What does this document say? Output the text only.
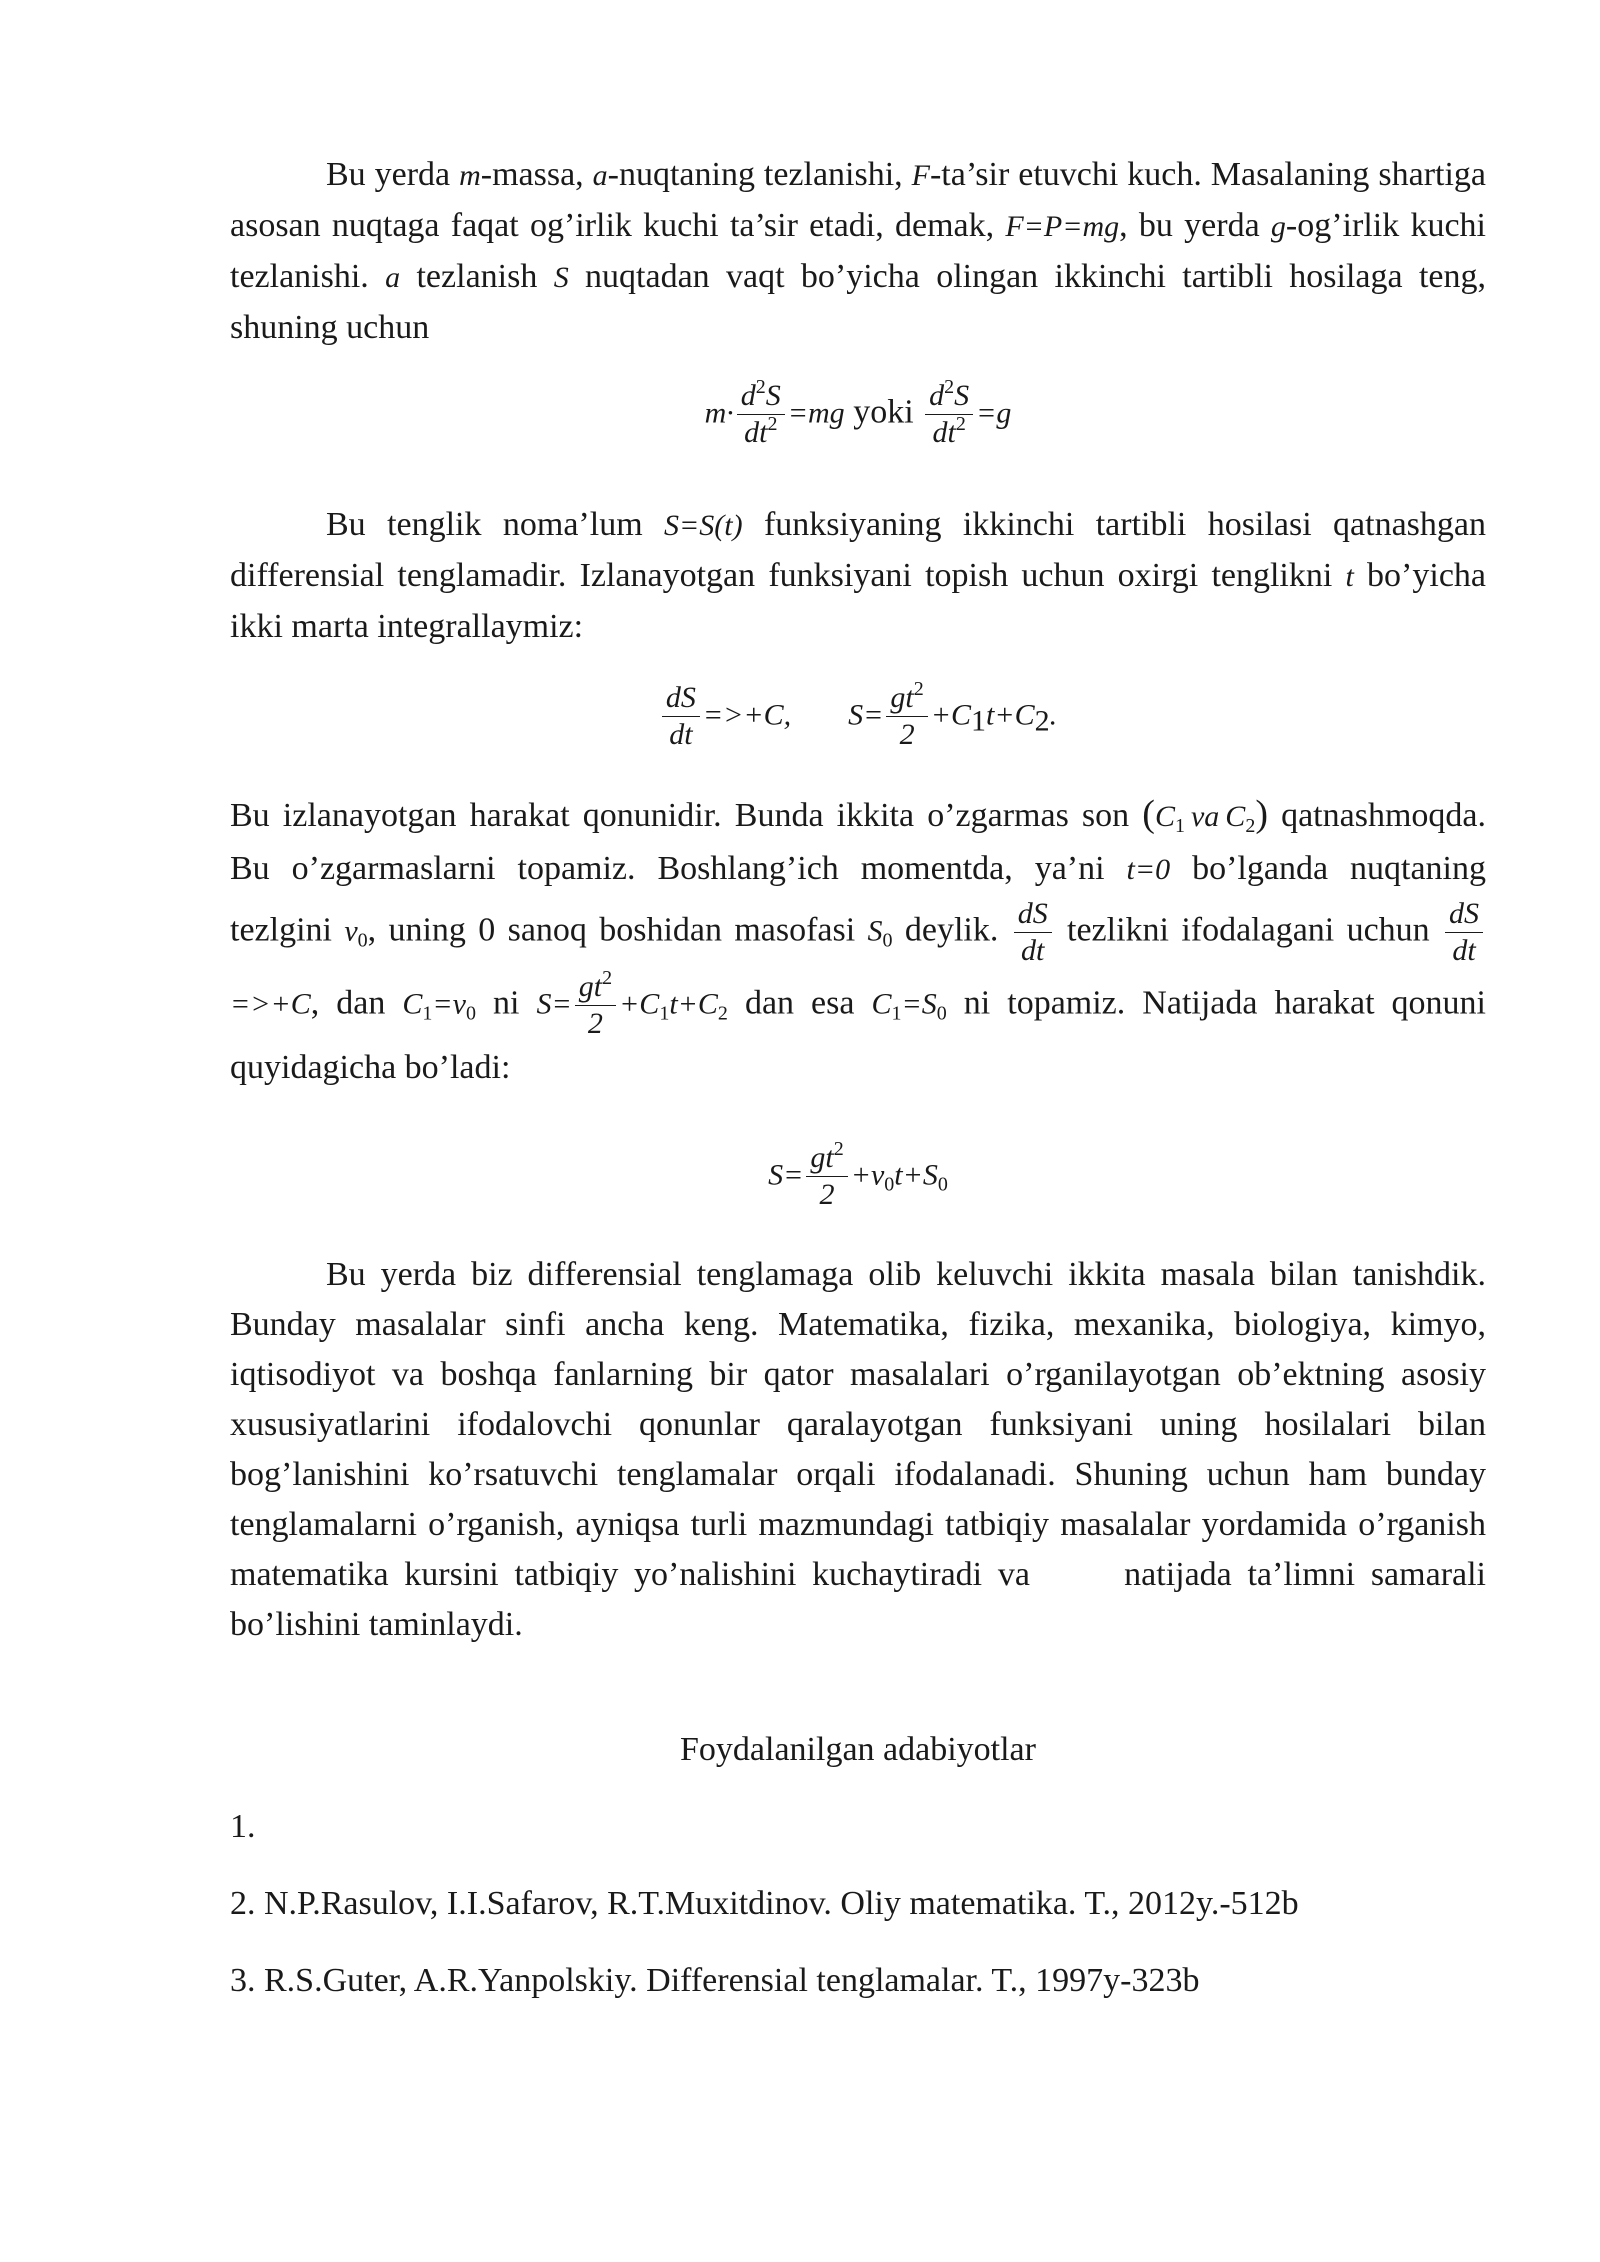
Bu yerda m-massa, a-nuqtaning tezlanishi, F-ta’sir etuvchi kuch. Masalaning shartiga asosan nuqtaga faqat og’irlik kuchi ta’sir etadi, demak, F=P=mg, bu yerda g-og’irlik kuchi tezlanishi. a tezlanish S nuqtadan vaqt bo’yicha olingan ikkinchi tartibli hosilaga teng, shuning uchun

$m\cdot \frac{d^2S}{dt^2} =mg$ yoki $\frac{d^2S}{dt^2} =g$

Bu tenglik noma’lum S=S(t) funksiyaning ikkinchi tartibli hosilasi qatnashgan differensial tenglamadir. Izlanayotgan funksiyani topish uchun oxirgi tenglikni t bo’yicha ikki marta integrallaymiz:

$\frac{dS}{dt} =>+C$, $S= \frac{gt^2}{2} +C_1t+C_2$.

Bu izlanayotgan harakat qonunidir. Bunda ikkita o’zgarmas son ($C_1$ va $C_2$) qatnashmoqda. Bu o’zgarmaslarni topamiz. Boshlang’ich momentda, ya’ni t=0 bo’lganda nuqtaning tezlgini $v_0$, uning 0 sanoq boshidan masofasi $S_0$ deylik. $\frac{dS}{dt}$ tezlikni ifodalagani uchun $\frac{dS}{dt}$
=>+C, dan $C_1=v_0$ ni $S= \frac{gt^2}{2} +C_1t+C_2$ dan esa $C_1=S_0$ ni topamiz. Natijada harakat qonuni quyidagicha bo’ladi:

$S= \frac{gt^2}{2} +v_0t+S_0$

Bu yerda biz differensial tenglamaga olib keluvchi ikkita masala bilan tanishdik. Bunday masalalar sinfi ancha keng. Matematika, fizika, mexanika, biologiya, kimyo, iqtisodiyot va boshqa fanlarning bir qator masalalari o’rganilayotgan ob’ektning asosiy xususiyatlarini ifodalovchi qonunlar qaralayotgan funksiyani uning hosilalari bilan bog’lanishini ko’rsatuvchi tenglamalar orqali ifodalanadi. Shuning uchun ham bunday tenglamalarni o’rganish, ayniqsa turli mazmundagi tatbiqiy masalalar yordamida o’rganish matematika kursini tatbiqiy yo’nalishini kuchaytiradi va      natijada ta’limni samarali bo’lishini taminlaydi.

Foydalanilgan adabiyotlar
1.
2. N.P.Rasulov, I.I.Safarov, R.T.Muxitdinov. Oliy matematika. T., 2012y.-512b
3. R.S.Guter, A.R.Yanpolskiy. Differensial tenglamalar. T., 1997y-323b
